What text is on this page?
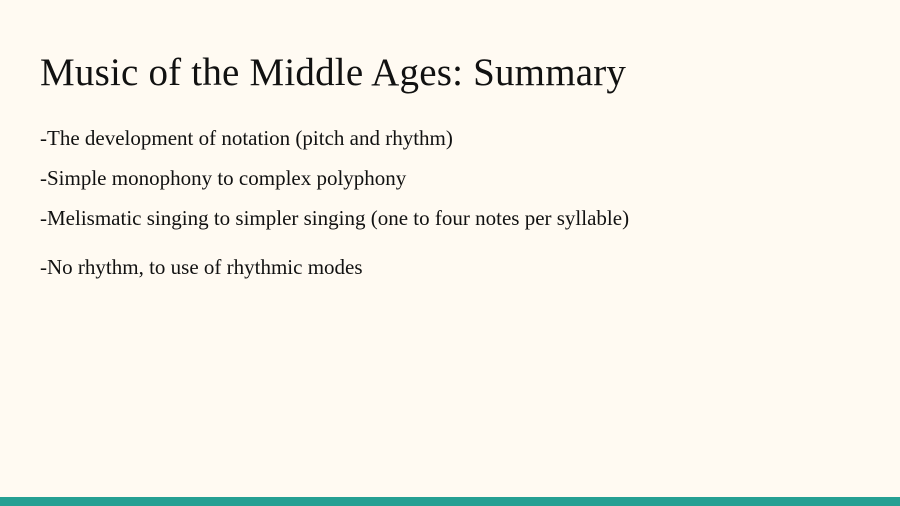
Music of the Middle Ages: Summary

-The development of notation (pitch and rhythm)

-Simple monophony to complex polyphony

-Melismatic singing to simpler singing (one to four notes per syllable)

-No rhythm, to use of rhythmic modes
